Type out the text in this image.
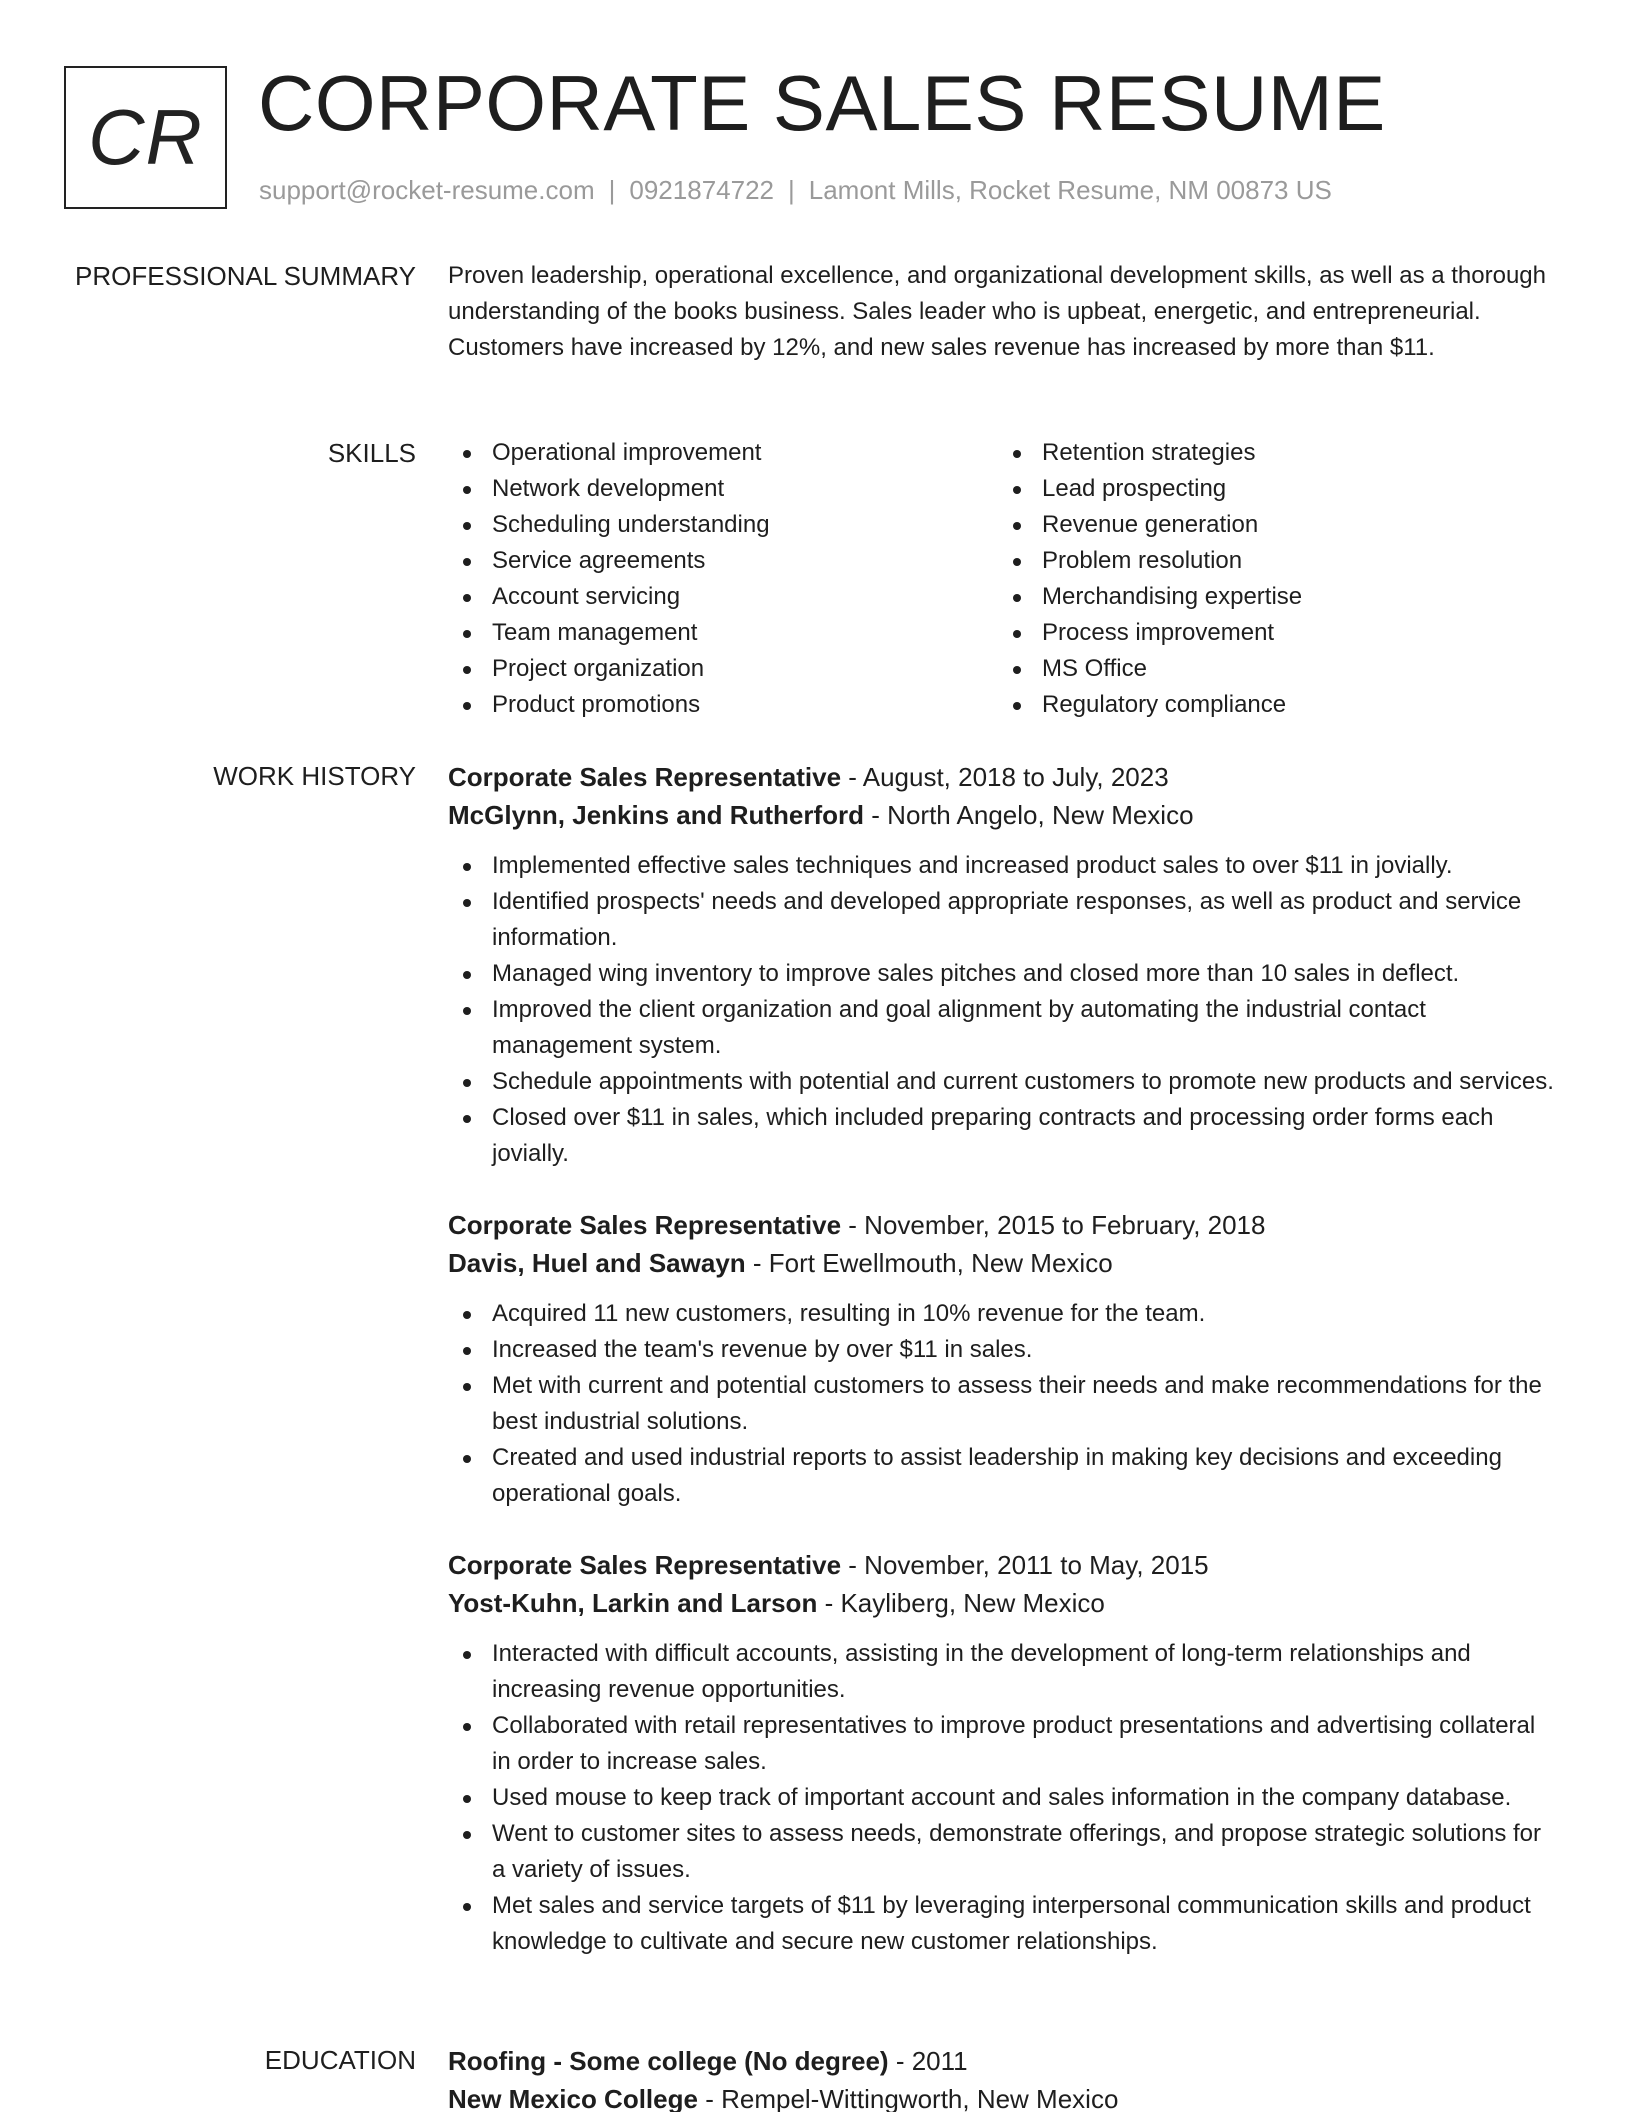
CR CORPORATE SALES RESUME
support@rocket-resume.com | 0921874722 | Lamont Mills, Rocket Resume, NM 00873 US
PROFESSIONAL SUMMARY Proven leadership, operational excellence, and organizational development skills, as well as a thorough understanding of the books business. Sales leader who is upbeat, energetic, and entrepreneurial. Customers have increased by 12%, and new sales revenue has increased by more than $11.
SKILLS	Operational improvement
Network development
Scheduling understanding
Service agreements
Account servicing
Team management
Project organization
Product promotions
Retention strategies
Lead prospecting
Revenue generation
Problem resolution
Merchandising expertise
Process improvement
MS Office
Regulatory compliance
WORK HISTORY Corporate Sales Representative - August, 2018 to July, 2023
McGlynn, Jenkins and Rutherford - North Angelo, New Mexico
Implemented effective sales techniques and increased product sales to over $11 in jovially.
Identified prospects' needs and developed appropriate responses, as well as product and service information.
Managed wing inventory to improve sales pitches and closed more than 10 sales in deflect.
Improved the client organization and goal alignment by automating the industrial contact management system.
Schedule appointments with potential and current customers to promote new products and services.
Closed over $11 in sales, which included preparing contracts and processing order forms each jovially.
Corporate Sales Representative - November, 2015 to February, 2018
Davis, Huel and Sawayn - Fort Ewellmouth, New Mexico
Acquired 11 new customers, resulting in 10% revenue for the team.
Increased the team's revenue by over $11 in sales.
Met with current and potential customers to assess their needs and make recommendations for the best industrial solutions.
Created and used industrial reports to assist leadership in making key decisions and exceeding operational goals.
Corporate Sales Representative - November, 2011 to May, 2015
Yost-Kuhn, Larkin and Larson - Kayliberg, New Mexico
Interacted with difficult accounts, assisting in the development of long-term relationships and increasing revenue opportunities.
Collaborated with retail representatives to improve product presentations and advertising collateral in order to increase sales.
Used mouse to keep track of important account and sales information in the company database.
Went to customer sites to assess needs, demonstrate offerings, and propose strategic solutions for a variety of issues.
Met sales and service targets of $11 by leveraging interpersonal communication skills and product knowledge to cultivate and secure new customer relationships.
EDUCATION Roofing - Some college (No degree) - 2011
New Mexico College - Rempel-Wittingworth, New Mexico
